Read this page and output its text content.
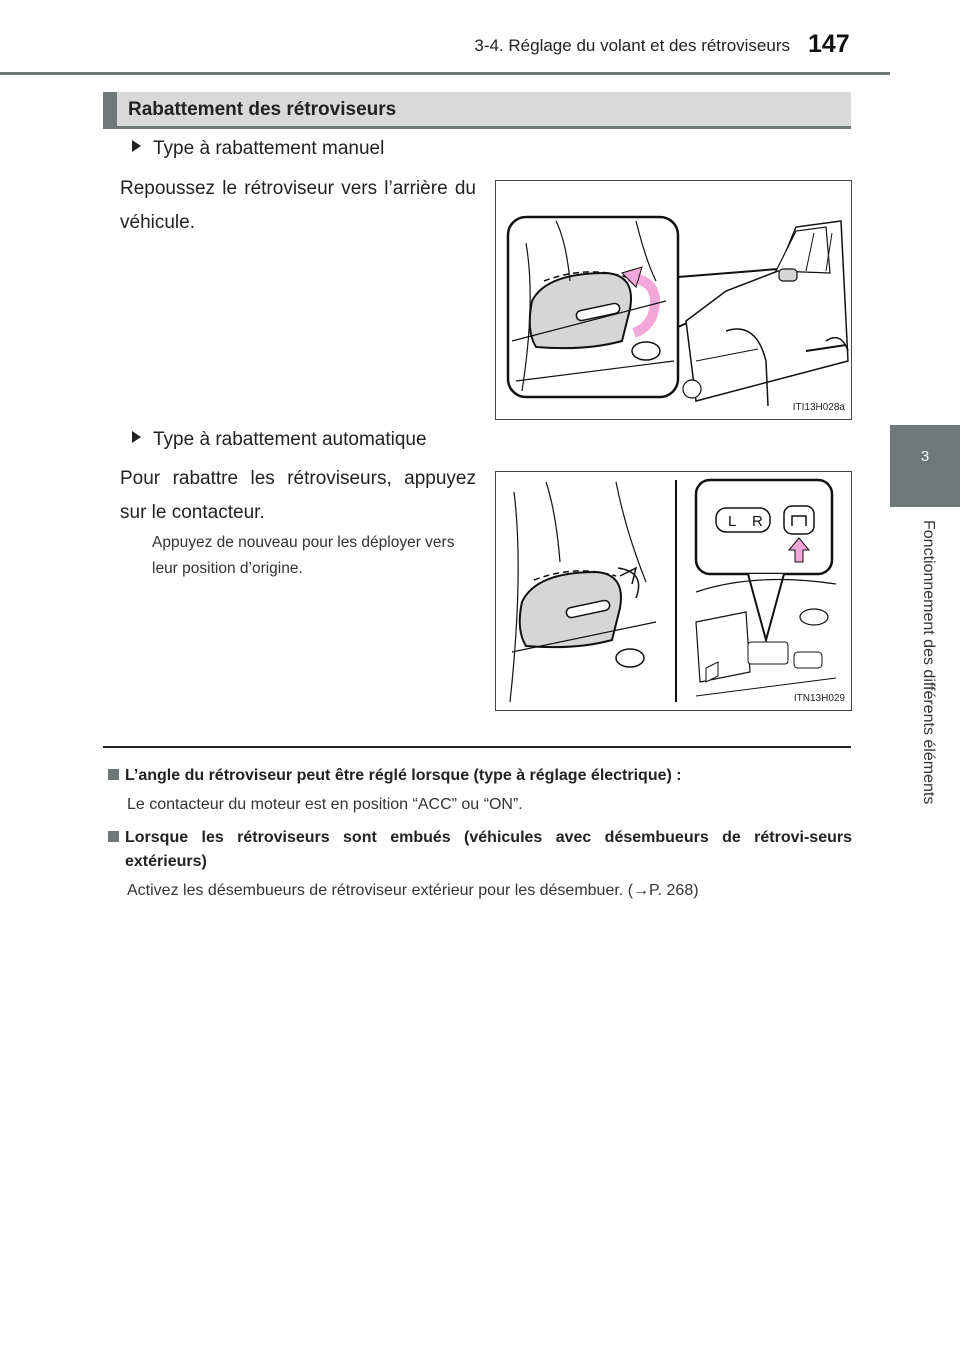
3-4. Réglage du volant et des rétroviseurs 147
3
Fonctionnement des différents éléments
Rabattement des rétroviseurs
Type à rabattement manuel
Repoussez le rétroviseur vers l’arrière du véhicule.
ITI13H028a
Type à rabattement automatique
Pour rabattre les rétroviseurs, appuyez sur le contacteur.
Appuyez de nouveau pour les déployer vers leur position d’origine.
L R
ITN13H029
L’angle du rétroviseur peut être réglé lorsque (type à réglage électrique) :
Le contacteur du moteur est en position “ACC” ou “ON”.
Lorsque les rétroviseurs sont embués (véhicules avec désembueurs de rétrovi-seurs extérieurs)
Activez les désembueurs de rétroviseur extérieur pour les désembuer. (→P. 268)
